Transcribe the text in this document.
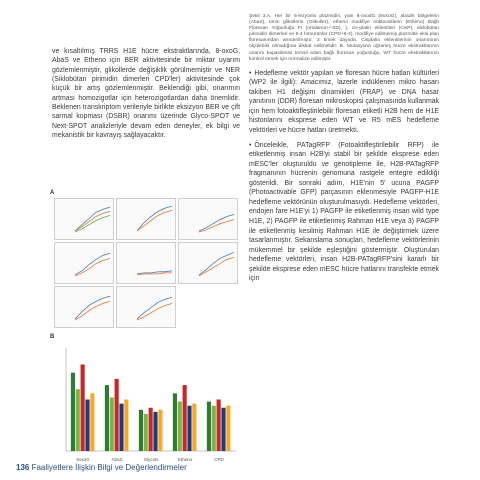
ve kısaltılmış TRRS H1E hücre ekstraktlarında, 8-oxoG, AbaS ve Etheno için BER aktivitesinde bir miktar uyarım gözlemlenmiştir, glikollerde değişiklik görülmemiştir ve NER (Siklobütan pirimidin dimerleri CPD'ler) aktivitesinde çok küçük bir artış gözlemlenmiştir. Beklendiği gibi, onarımın artması homozigotlar için heterozigotlardan daha önemlidir. Beklenen transkriptom verileriyle birlikte eksizyon BER ve çift sarmal kopması (DSBR) onarımı üzerinde Glyco-SPOT ve Next-SPOT analizleriyle devam eden deneyler, ek bilgi ve mekanistik bir kavrayış sağlayacaktır.

A
B
8oxoG	AbaS	Glycols	Etheno	CPD

Şekil 3.A. Her bir 6-lezyonlu plazmidin, yani 8-oxodG (8oxoG), abazik bölgelerin (AbaS), timin glikollerin (Glikoller), etheno modifiye nükleositlerin (Etheno) Bağlı Floresan Yoğunluğu FI (ortalama+/-SD), ), cis-platin eklentileri (CisP), siklobütan pirimidin dimerleri ve 6-4 fotoürünler (CPD+6-4), modifiye edilmemiş plazmitte eksi plan floresanından arındırılmıştır. 3 timek dayoda. Cisplatin eklentilerinin onarımının ölçülebilir olmadığına dikkat edilmelidir. B. Mutasyona uğramış hücre ekstraktlarının onarım kapasitesini temsil eden bağlı floresan yoğunluğu, WT hücre ekstraktlarının kontrol etmek için normalize edilmiştir.

• Hedefleme vektör yapıları ve floresan hücre hatları kültürleri (WP2 ile ilgili): Amacımız, lazerle indüklenen mikro hasarı takiben H1 değişim dinamikleri (FRAP) ve DNA hasar yanıtının (DDR) floresan mikroskopisi çalışmasında kullanmak için hem fotoaktifleştirilebilir floresan etiketli H2B hem de H1E histonlarını eksprese eden WT ve R5 mES hedefleme vektörleri ve hücre hatları üretmekti.

• Önceleikle, PATagRFP (Fotoaktifleştirilebilir RFP) ile etiketlenmiş insan H2B'yi stabil bir şekilde eksprese eden mESC'ler oluşturuldu ve genotipleme ile, H2B-PATagRFP fragmanının hücrenin genomuna rastgele entegre edildiği gösterildi. Bir sonraki adım, H1E'nin 5' ucuna PAGFP (Photoactivable GFP) parçasının eklenmesiyle PAGFP-H1E hedefleme vektörünün oluşturulmasıydı. Hedefleme vektörleri, endojen fare H1E'yi 1) PAGFP ile etiketlenmiş insan wild type H1E, 2) PAGFP ile etiketlenmiş Rahman H1E veya 3) PAGFP ile etiketlenmiş kesilmiş Rahman H1E ile değiştirmek üzere tasarlanmıştır. Sekanslama sonuçları, hedefleme vektörlerinin mükemmel bir şekilde eşleştiğini göstermiştir. Oluşturulan hedefleme vektörleri, insan H2B-PATagRFP'sini kararlı bir şekilde eksprese eden mESC hücre hatlarını transfekte etmek için

136 Faaliyetlere İlişkin Bilgi ve Değerlendirmeler
